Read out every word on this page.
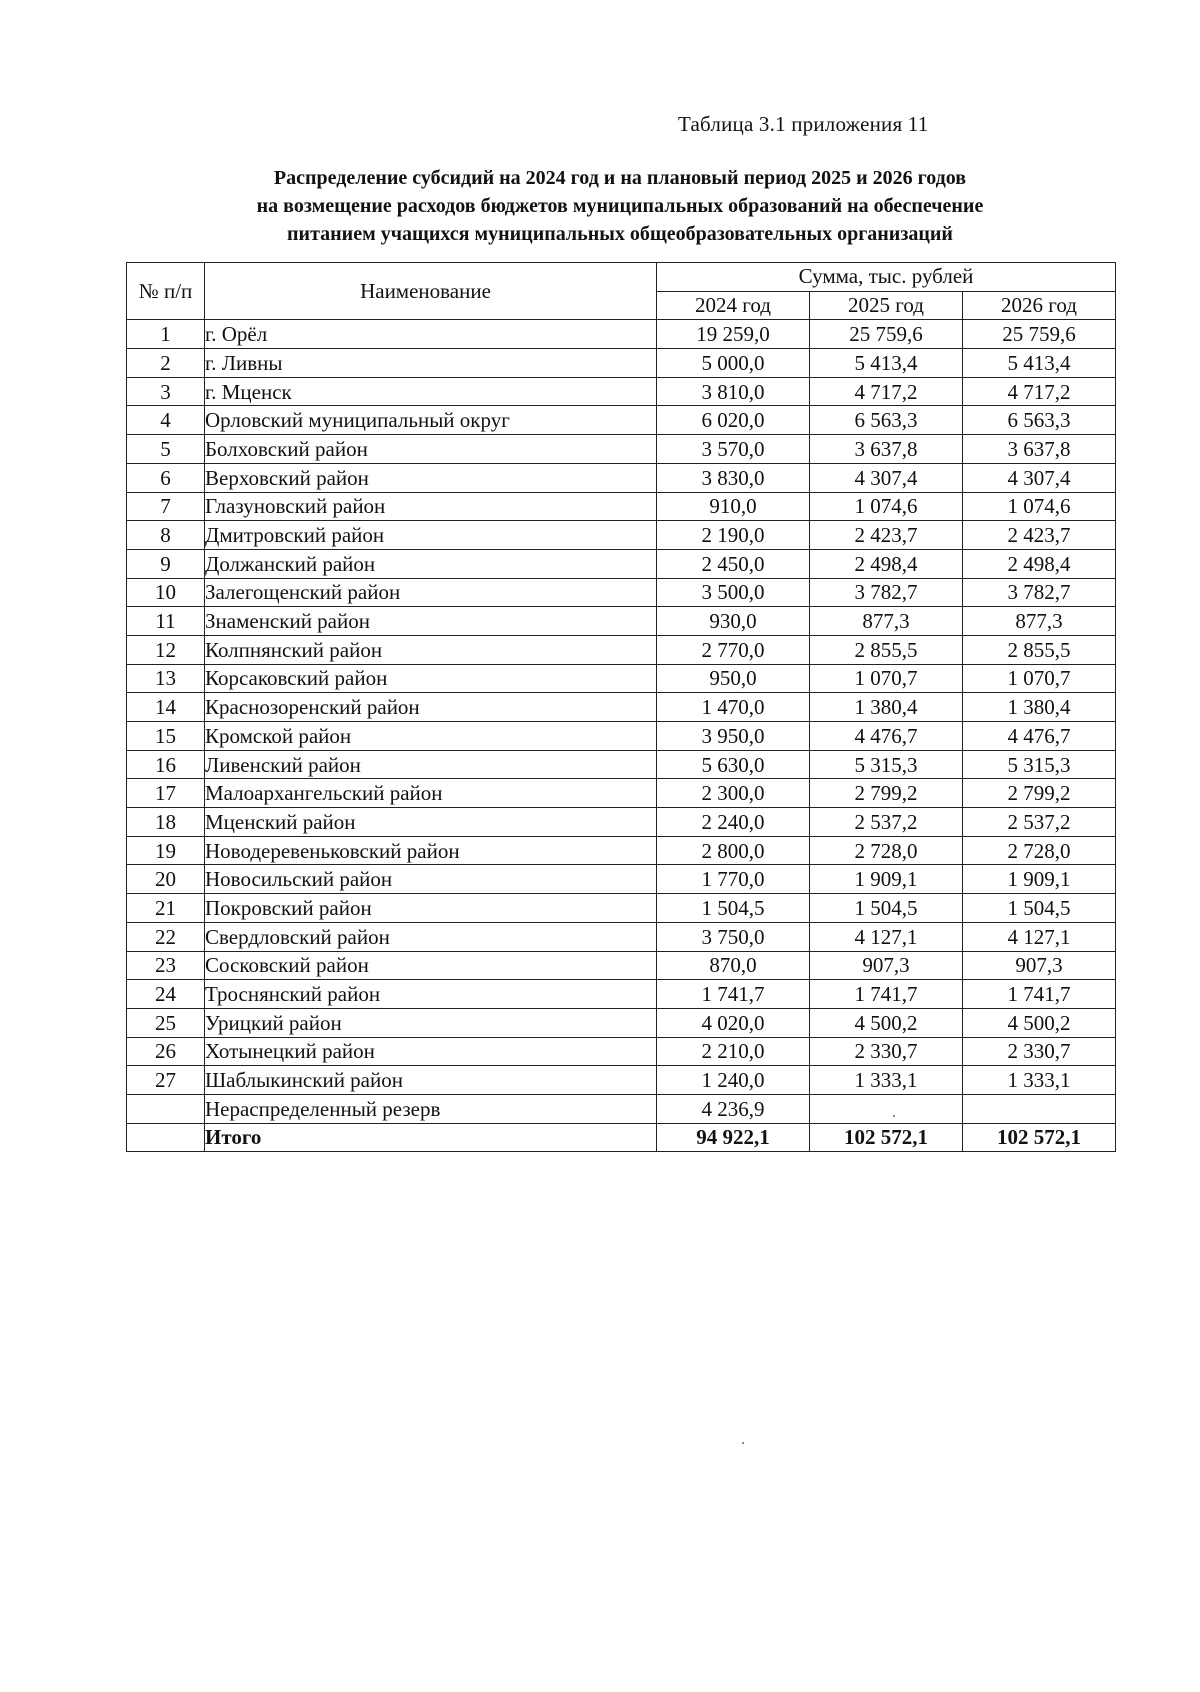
Таблица 3.1 приложения 11
Распределение субсидий на 2024 год и на плановый период 2025 и 2026 годов
на возмещение расходов бюджетов муниципальных образований на обеспечение
питанием учащихся муниципальных общеобразовательных организаций
№ п/п	Наименование	Сумма, тыс. рублей		
		2024 год	2025 год	2026 год
1	г. Орёл	19 259,0	25 759,6	25 759,6
2	г. Ливны	5 000,0	5 413,4	5 413,4
3	г. Мценск	3 810,0	4 717,2	4 717,2
4	Орловский муниципальный округ	6 020,0	6 563,3	6 563,3
5	Болховский район	3 570,0	3 637,8	3 637,8
6	Верховский район	3 830,0	4 307,4	4 307,4
7	Глазуновский район	910,0	1 074,6	1 074,6
8	Дмитровский район	2 190,0	2 423,7	2 423,7
9	Должанский район	2 450,0	2 498,4	2 498,4
10	Залегощенский район	3 500,0	3 782,7	3 782,7
11	Знаменский район	930,0	877,3	877,3
12	Колпнянский район	2 770,0	2 855,5	2 855,5
13	Корсаковский район	950,0	1 070,7	1 070,7
14	Краснозоренский район	1 470,0	1 380,4	1 380,4
15	Кромской район	3 950,0	4 476,7	4 476,7
16	Ливенский район	5 630,0	5 315,3	5 315,3
17	Малоархангельский район	2 300,0	2 799,2	2 799,2
18	Мценский район	2 240,0	2 537,2	2 537,2
19	Новодеревеньковский район	2 800,0	2 728,0	2 728,0
20	Новосильский район	1 770,0	1 909,1	1 909,1
21	Покровский район	1 504,5	1 504,5	1 504,5
22	Свердловский район	3 750,0	4 127,1	4 127,1
23	Сосковский район	870,0	907,3	907,3
24	Троснянский район	1 741,7	1 741,7	1 741,7
25	Урицкий район	4 020,0	4 500,2	4 500,2
26	Хотынецкий район	2 210,0	2 330,7	2 330,7
27	Шаблыкинский район	1 240,0	1 333,1	1 333,1
	Нераспределенный резерв	4 236,9		
	Итого	94 922,1	102 572,1	102 572,1
